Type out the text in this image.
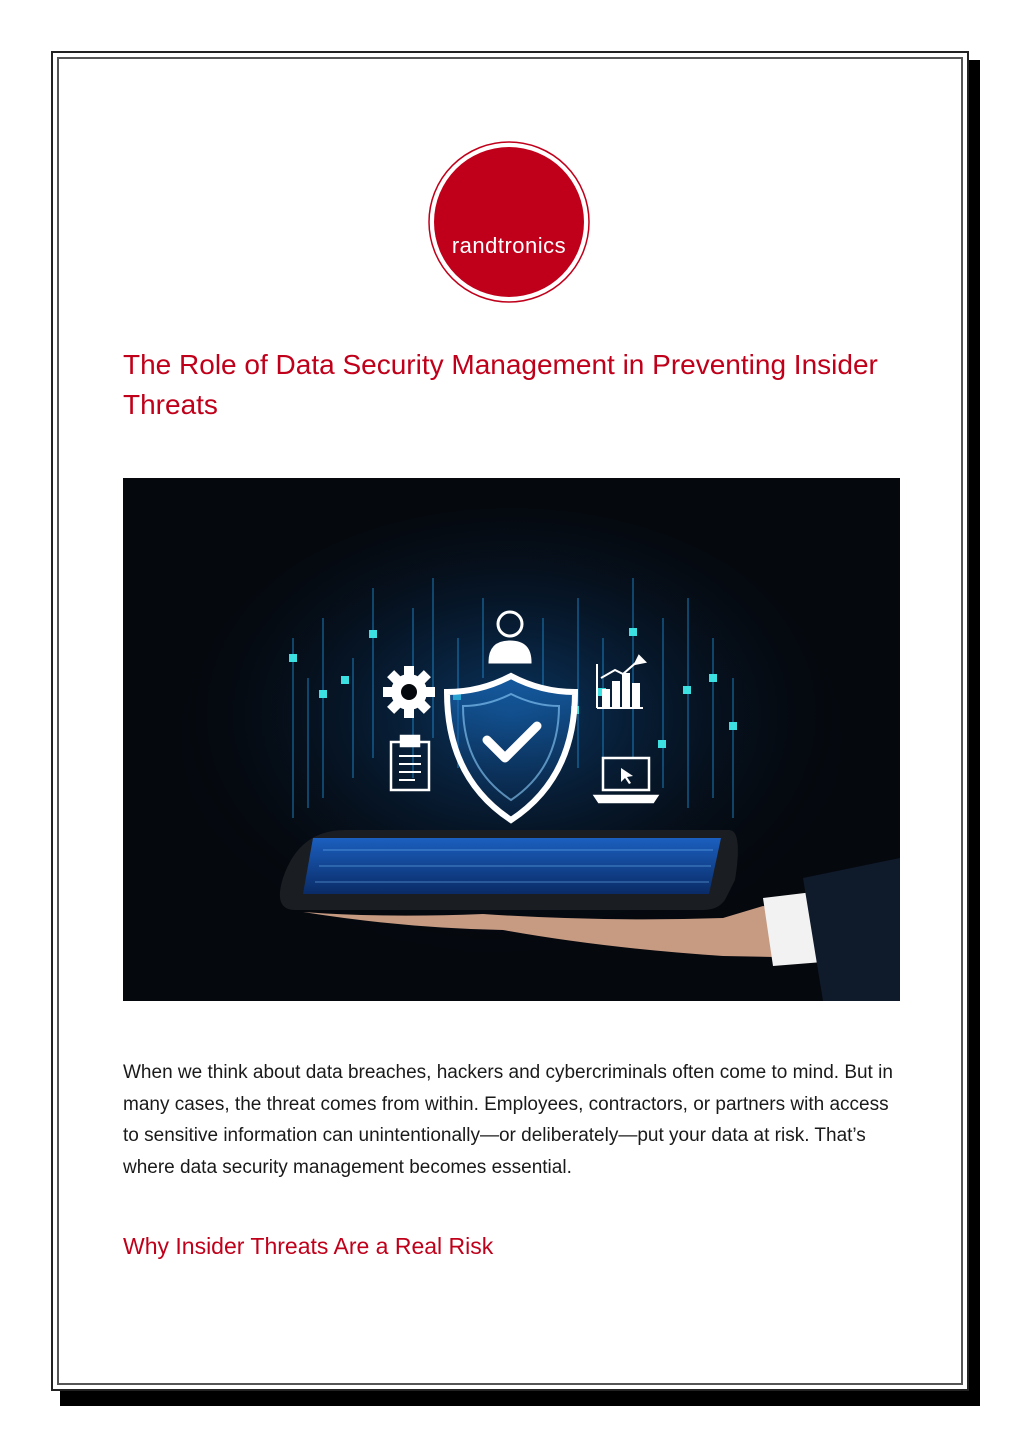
randtronics
The Role of Data Security Management in Preventing Insider Threats

When we think about data breaches, hackers and cybercriminals often come to mind. But in many cases, the threat comes from within. Employees, contractors, or partners with access to sensitive information can unintentionally—or deliberately—put your data at risk. That’s where data security management becomes essential.

Why Insider Threats Are a Real Risk
